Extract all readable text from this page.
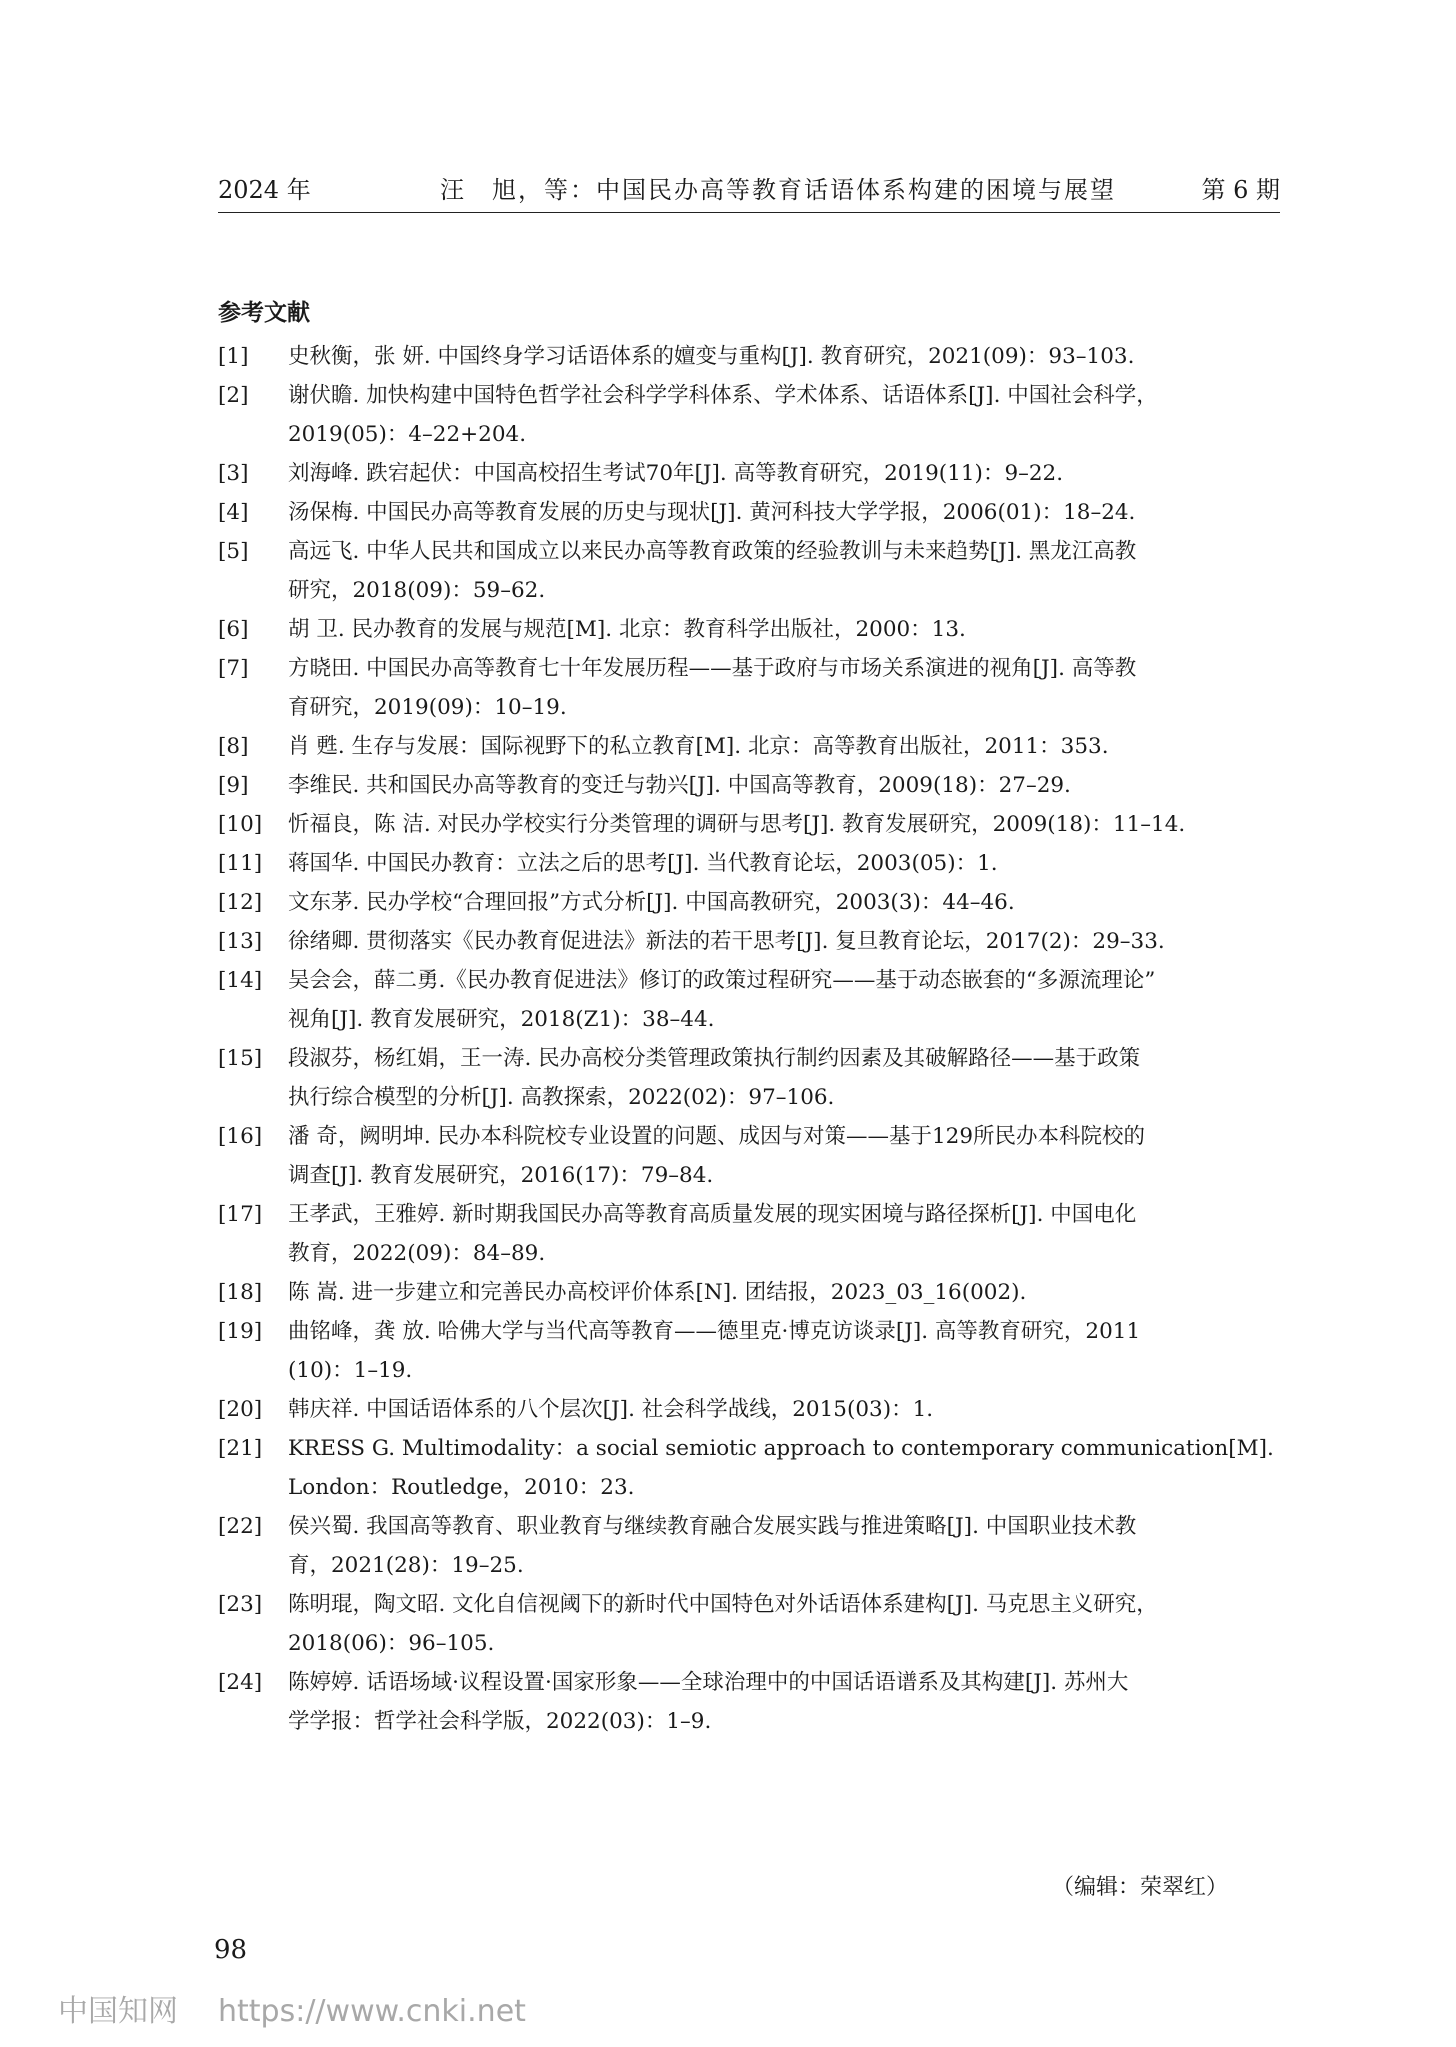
2024 年	汪　旭，等：中国民办高等教育话语体系构建的困境与展望	第 6 期
参考文献
[1] 史秋衡，张 妍. 中国终身学习话语体系的嬗变与重构[J]. 教育研究，2021(09)：93–103.
[2] 谢伏瞻. 加快构建中国特色哲学社会科学学科体系、学术体系、话语体系[J]. 中国社会科学，
2019(05)：4–22+204.
[3] 刘海峰. 跌宕起伏：中国高校招生考试70年[J]. 高等教育研究，2019(11)：9–22.
[4] 汤保梅. 中国民办高等教育发展的历史与现状[J]. 黄河科技大学学报，2006(01)：18–24.
[5] 高远飞. 中华人民共和国成立以来民办高等教育政策的经验教训与未来趋势[J]. 黑龙江高教
研究，2018(09)：59–62.
[6] 胡 卫. 民办教育的发展与规范[M]. 北京：教育科学出版社，2000：13.
[7] 方晓田. 中国民办高等教育七十年发展历程——基于政府与市场关系演进的视角[J]. 高等教
育研究，2019(09)：10–19.
[8] 肖 甦. 生存与发展：国际视野下的私立教育[M]. 北京：高等教育出版社，2011：353.
[9] 李维民. 共和国民办高等教育的变迁与勃兴[J]. 中国高等教育，2009(18)：27–29.
[10] 忻福良，陈 洁. 对民办学校实行分类管理的调研与思考[J]. 教育发展研究，2009(18)：11–14.
[11] 蒋国华. 中国民办教育：立法之后的思考[J]. 当代教育论坛，2003(05)：1.
[12] 文东茅. 民办学校“合理回报”方式分析[J]. 中国高教研究，2003(3)：44–46.
[13] 徐绪卿. 贯彻落实《民办教育促进法》新法的若干思考[J]. 复旦教育论坛，2017(2)：29–33.
[14] 吴会会，薛二勇.《民办教育促进法》修订的政策过程研究——基于动态嵌套的“多源流理论”
视角[J]. 教育发展研究，2018(Z1)：38–44.
[15] 段淑芬，杨红娟，王一涛. 民办高校分类管理政策执行制约因素及其破解路径——基于政策
执行综合模型的分析[J]. 高教探索，2022(02)：97–106.
[16] 潘 奇，阙明坤. 民办本科院校专业设置的问题、成因与对策——基于129所民办本科院校的
调查[J]. 教育发展研究，2016(17)：79–84.
[17] 王孝武，王雅婷. 新时期我国民办高等教育高质量发展的现实困境与路径探析[J]. 中国电化
教育，2022(09)：84–89.
[18] 陈 嵩. 进一步建立和完善民办高校评价体系[N]. 团结报，2023_03_16(002).
[19] 曲铭峰，龚 放. 哈佛大学与当代高等教育——德里克·博克访谈录[J]. 高等教育研究，2011
(10)：1–19.
[20] 韩庆祥. 中国话语体系的八个层次[J]. 社会科学战线，2015(03)：1.
[21] KRESS G. Multimodality：a social semiotic approach to contemporary communication[M].
London：Routledge，2010：23.
[22] 侯兴蜀. 我国高等教育、职业教育与继续教育融合发展实践与推进策略[J]. 中国职业技术教
育，2021(28)：19–25.
[23] 陈明琨，陶文昭. 文化自信视阈下的新时代中国特色对外话语体系建构[J]. 马克思主义研究，
2018(06)：96–105.
[24] 陈婷婷. 话语场域·议程设置·国家形象——全球治理中的中国话语谱系及其构建[J]. 苏州大
学学报：哲学社会科学版，2022(03)：1–9.
（编辑：荣翠红）
98
中国知网 https://www.cnki.net
